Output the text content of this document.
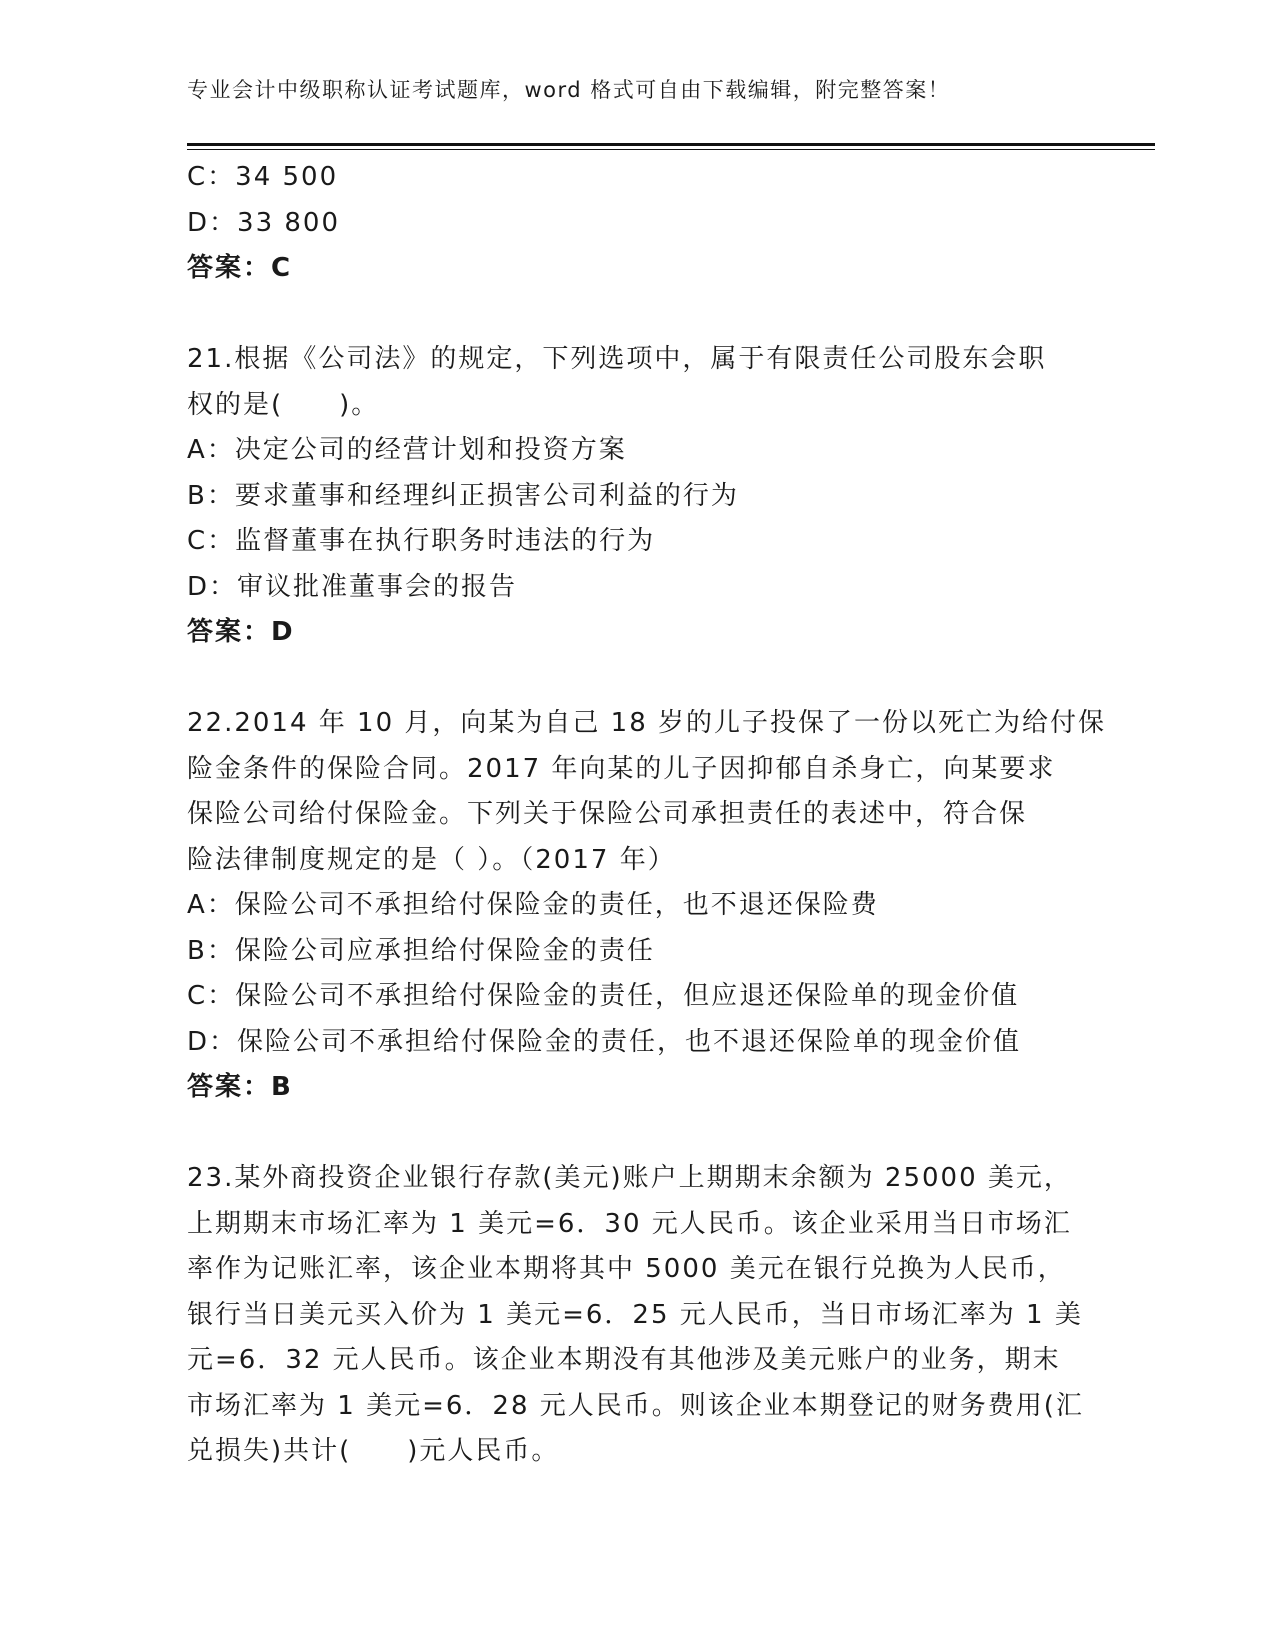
专业会计中级职称认证考试题库，word 格式可自由下载编辑，附完整答案！
C：34 500
D：33 800
答案：C
21.根据《公司法》的规定，下列选项中，属于有限责任公司股东会职
权的是(　　)。
A：决定公司的经营计划和投资方案
B：要求董事和经理纠正损害公司利益的行为
C：监督董事在执行职务时违法的行为
D：审议批准董事会的报告
答案：D
22.2014 年 10 月，向某为自己 18 岁的儿子投保了一份以死亡为给付保
险金条件的保险合同。2017 年向某的儿子因抑郁自杀身亡，向某要求
保险公司给付保险金。下列关于保险公司承担责任的表述中，符合保
险法律制度规定的是（ ）。（2017 年）
A：保险公司不承担给付保险金的责任，也不退还保险费
B：保险公司应承担给付保险金的责任
C：保险公司不承担给付保险金的责任，但应退还保险单的现金价值
D：保险公司不承担给付保险金的责任，也不退还保险单的现金价值
答案：B
23.某外商投资企业银行存款(美元)账户上期期末余额为 25000 美元，
上期期末市场汇率为 1 美元=6．30 元人民币。该企业采用当日市场汇
率作为记账汇率，该企业本期将其中 5000 美元在银行兑换为人民币，
银行当日美元买入价为 1 美元=6．25 元人民币，当日市场汇率为 1 美
元=6．32 元人民币。该企业本期没有其他涉及美元账户的业务，期末
市场汇率为 1 美元=6．28 元人民币。则该企业本期登记的财务费用(汇
兑损失)共计(　　)元人民币。
